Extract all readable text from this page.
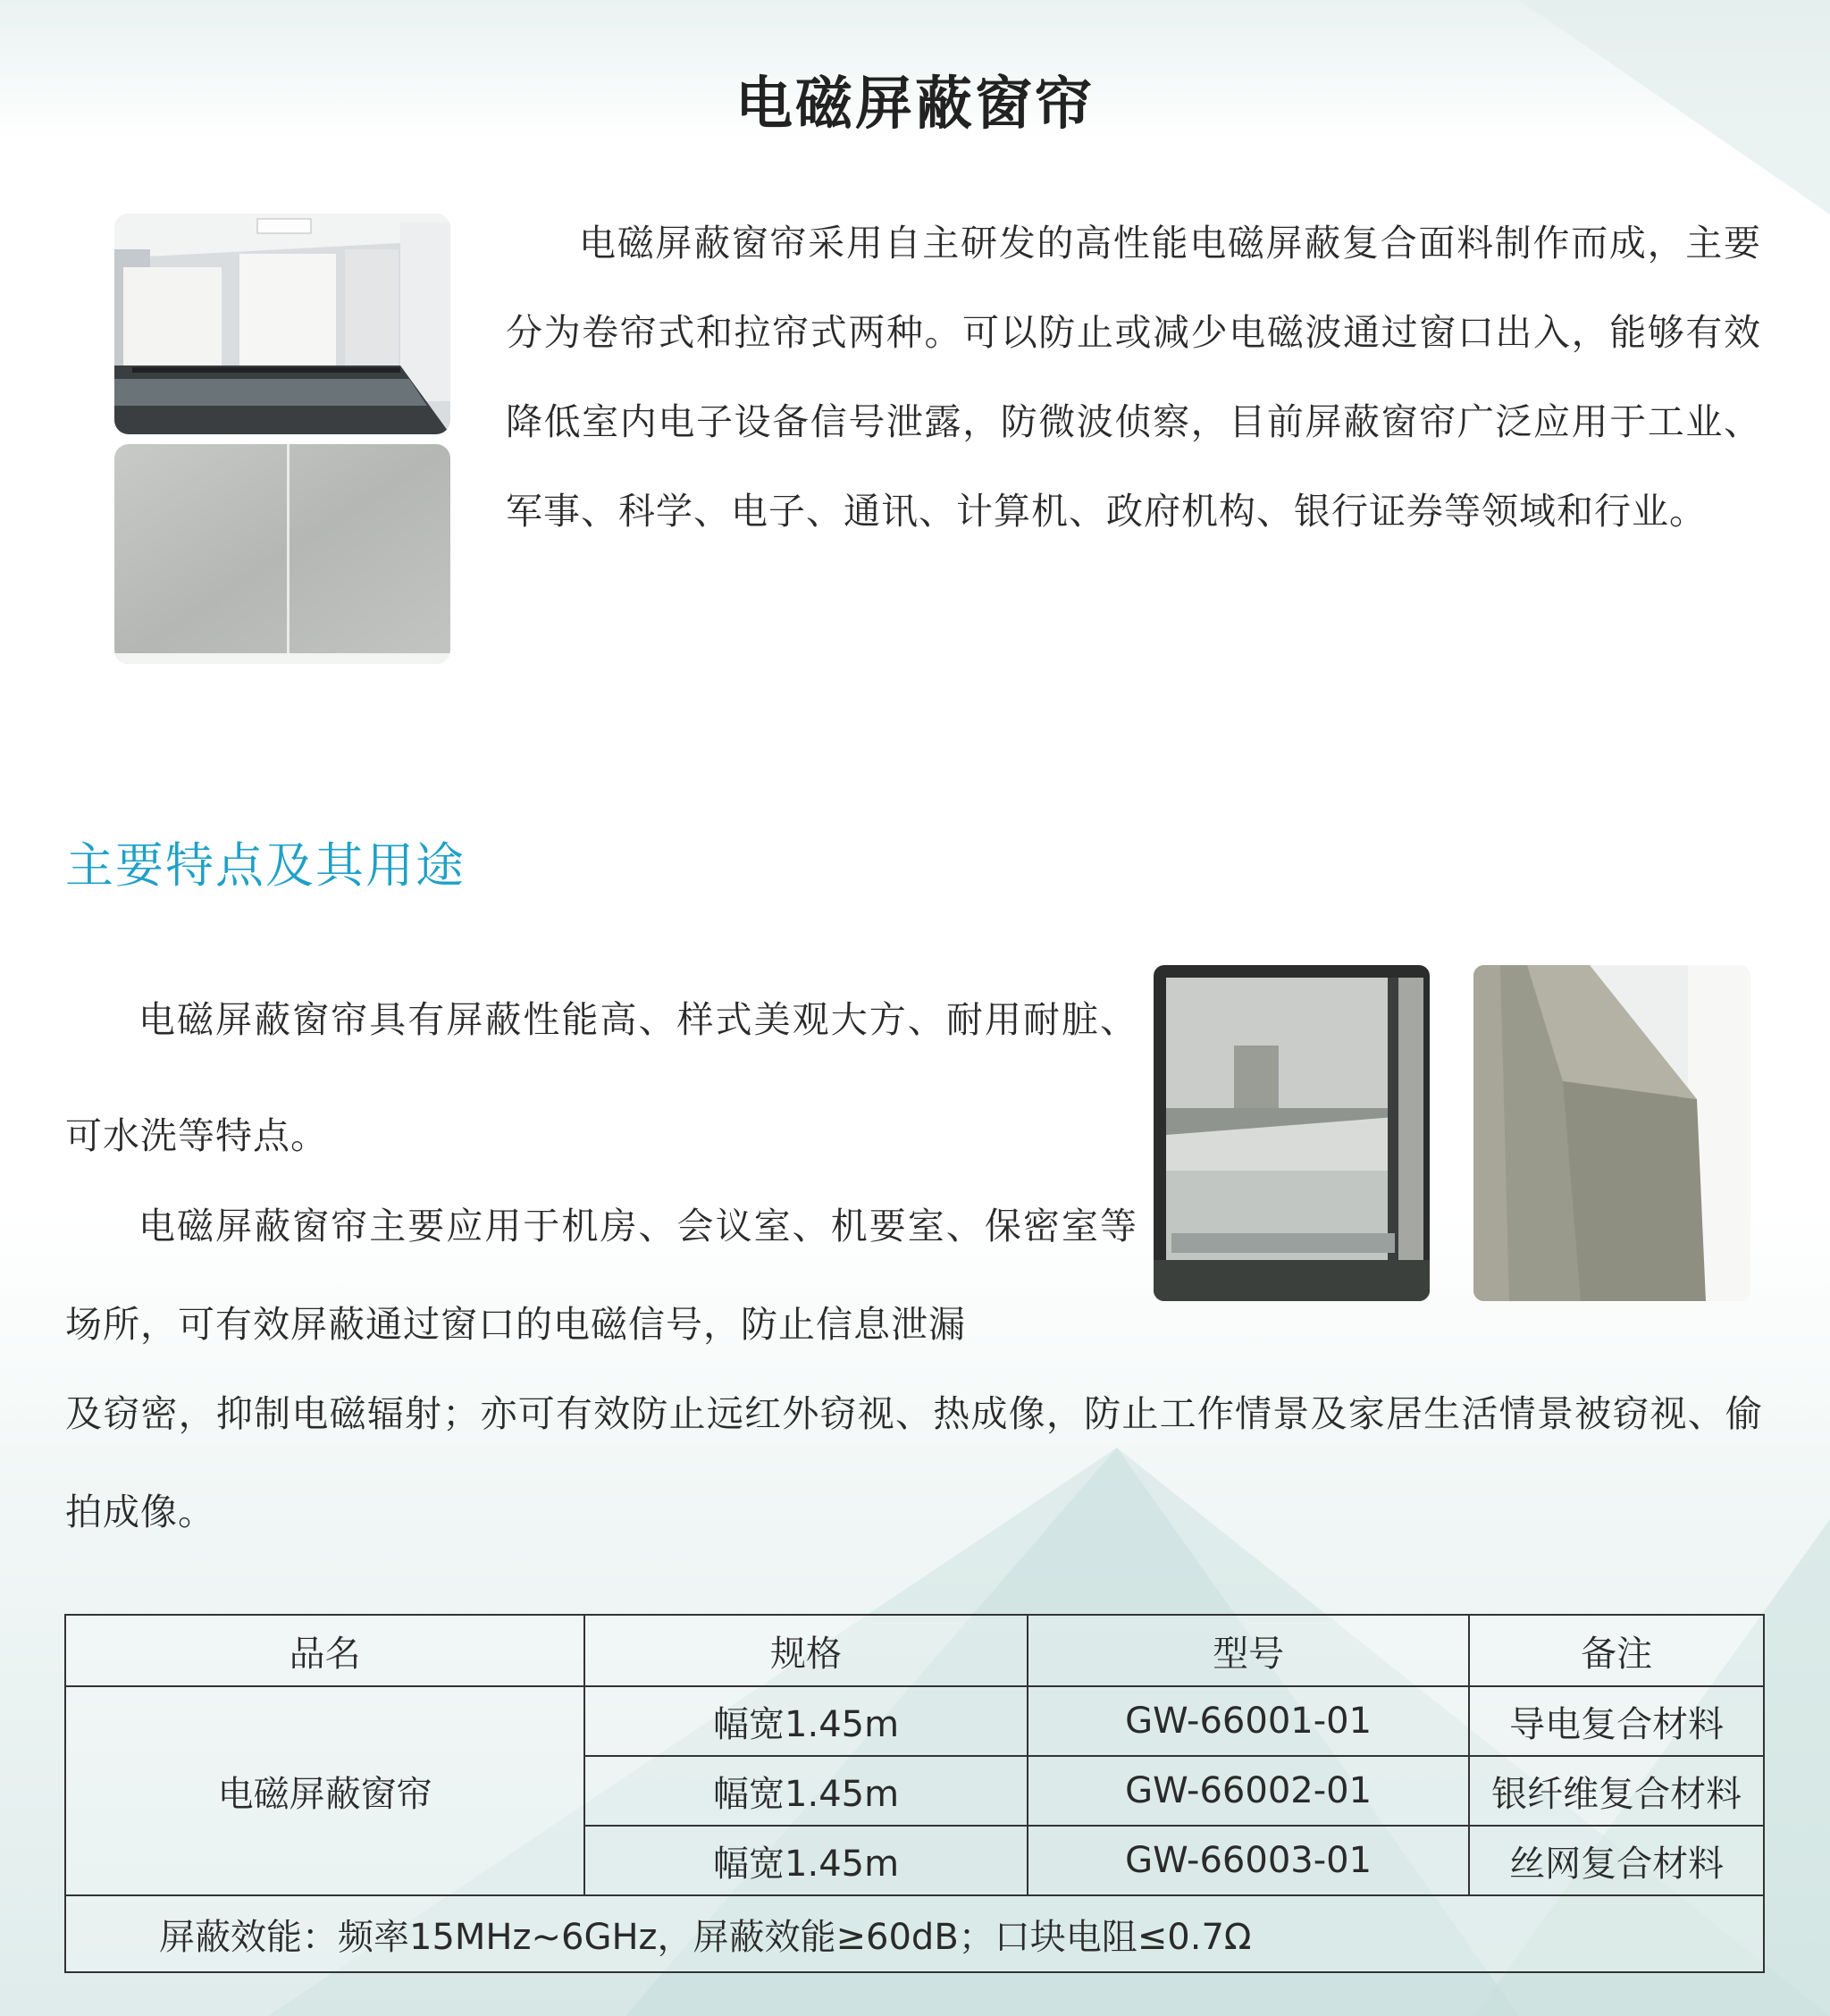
电磁屏蔽窗帘

电磁屏蔽窗帘采用自主研发的高性能电磁屏蔽复合面料制作而成，主要分为卷帘式和拉帘式两种。可以防止或减少电磁波通过窗口出入，能够有效降低室内电子设备信号泄露，防微波侦察，目前屏蔽窗帘广泛应用于工业、军事、科学、电子、通讯、计算机、政府机构、银行证券等领域和行业。

主要特点及其用途

电磁屏蔽窗帘具有屏蔽性能高、样式美观大方、耐用耐脏、可水洗等特点。

电磁屏蔽窗帘主要应用于机房、会议室、机要室、保密室等场所，可有效屏蔽通过窗口的电磁信号，防止信息泄漏

及窃密，抑制电磁辐射；亦可有效防止远红外窃视、热成像，防止工作情景及家居生活情景被窃视、偷拍成像。

品名	规格	型号	备注
电磁屏蔽窗帘	幅宽1.45m	GW-66001-01	导电复合材料
	幅宽1.45m	GW-66002-01	银纤维复合材料
	幅宽1.45m	GW-66003-01	丝网复合材料
屏蔽效能：频率15MHz~6GHz，屏蔽效能≥60dB；口块电阻≤0.7Ω			
